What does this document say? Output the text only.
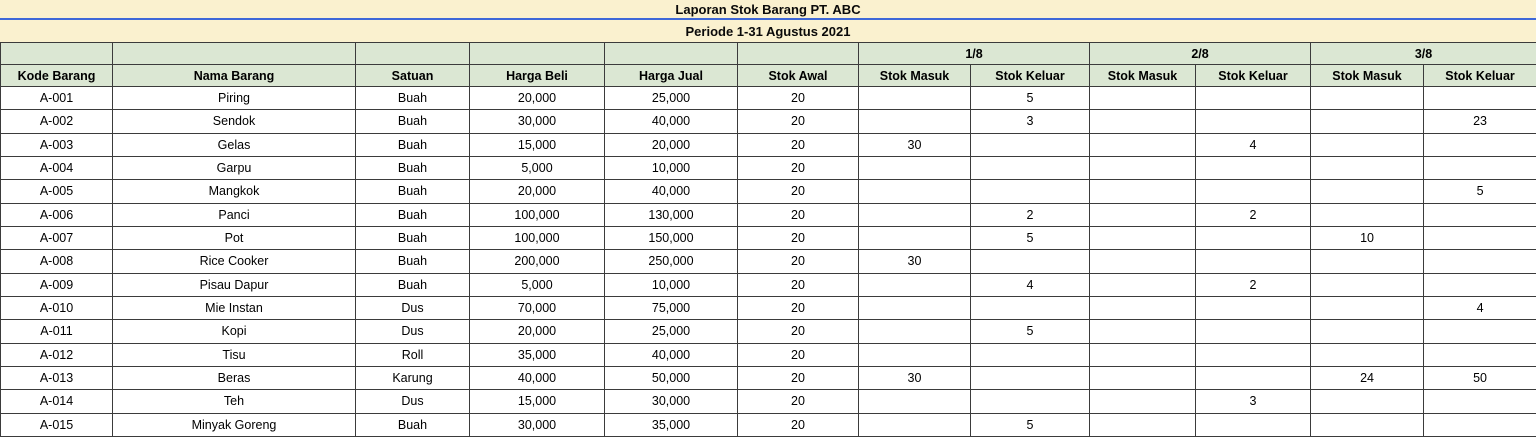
Laporan Stok Barang PT. ABC
Periode 1-31 Agustus 2021
						1/8		2/8		3/8	
Kode Barang	Nama Barang	Satuan	Harga Beli	Harga Jual	Stok Awal	Stok Masuk	Stok Keluar	Stok Masuk	Stok Keluar	Stok Masuk	Stok Keluar
A-001	Piring	Buah	20,000	25,000	20		5				
A-002	Sendok	Buah	30,000	40,000	20		3				23
A-003	Gelas	Buah	15,000	20,000	20	30			4		
A-004	Garpu	Buah	5,000	10,000	20						
A-005	Mangkok	Buah	20,000	40,000	20						5
A-006	Panci	Buah	100,000	130,000	20		2		2		
A-007	Pot	Buah	100,000	150,000	20		5			10	
A-008	Rice Cooker	Buah	200,000	250,000	20	30					
A-009	Pisau Dapur	Buah	5,000	10,000	20		4		2		
A-010	Mie Instan	Dus	70,000	75,000	20						4
A-011	Kopi	Dus	20,000	25,000	20		5				
A-012	Tisu	Roll	35,000	40,000	20						
A-013	Beras	Karung	40,000	50,000	20	30				24	50
A-014	Teh	Dus	15,000	30,000	20				3		
A-015	Minyak Goreng	Buah	30,000	35,000	20		5				
